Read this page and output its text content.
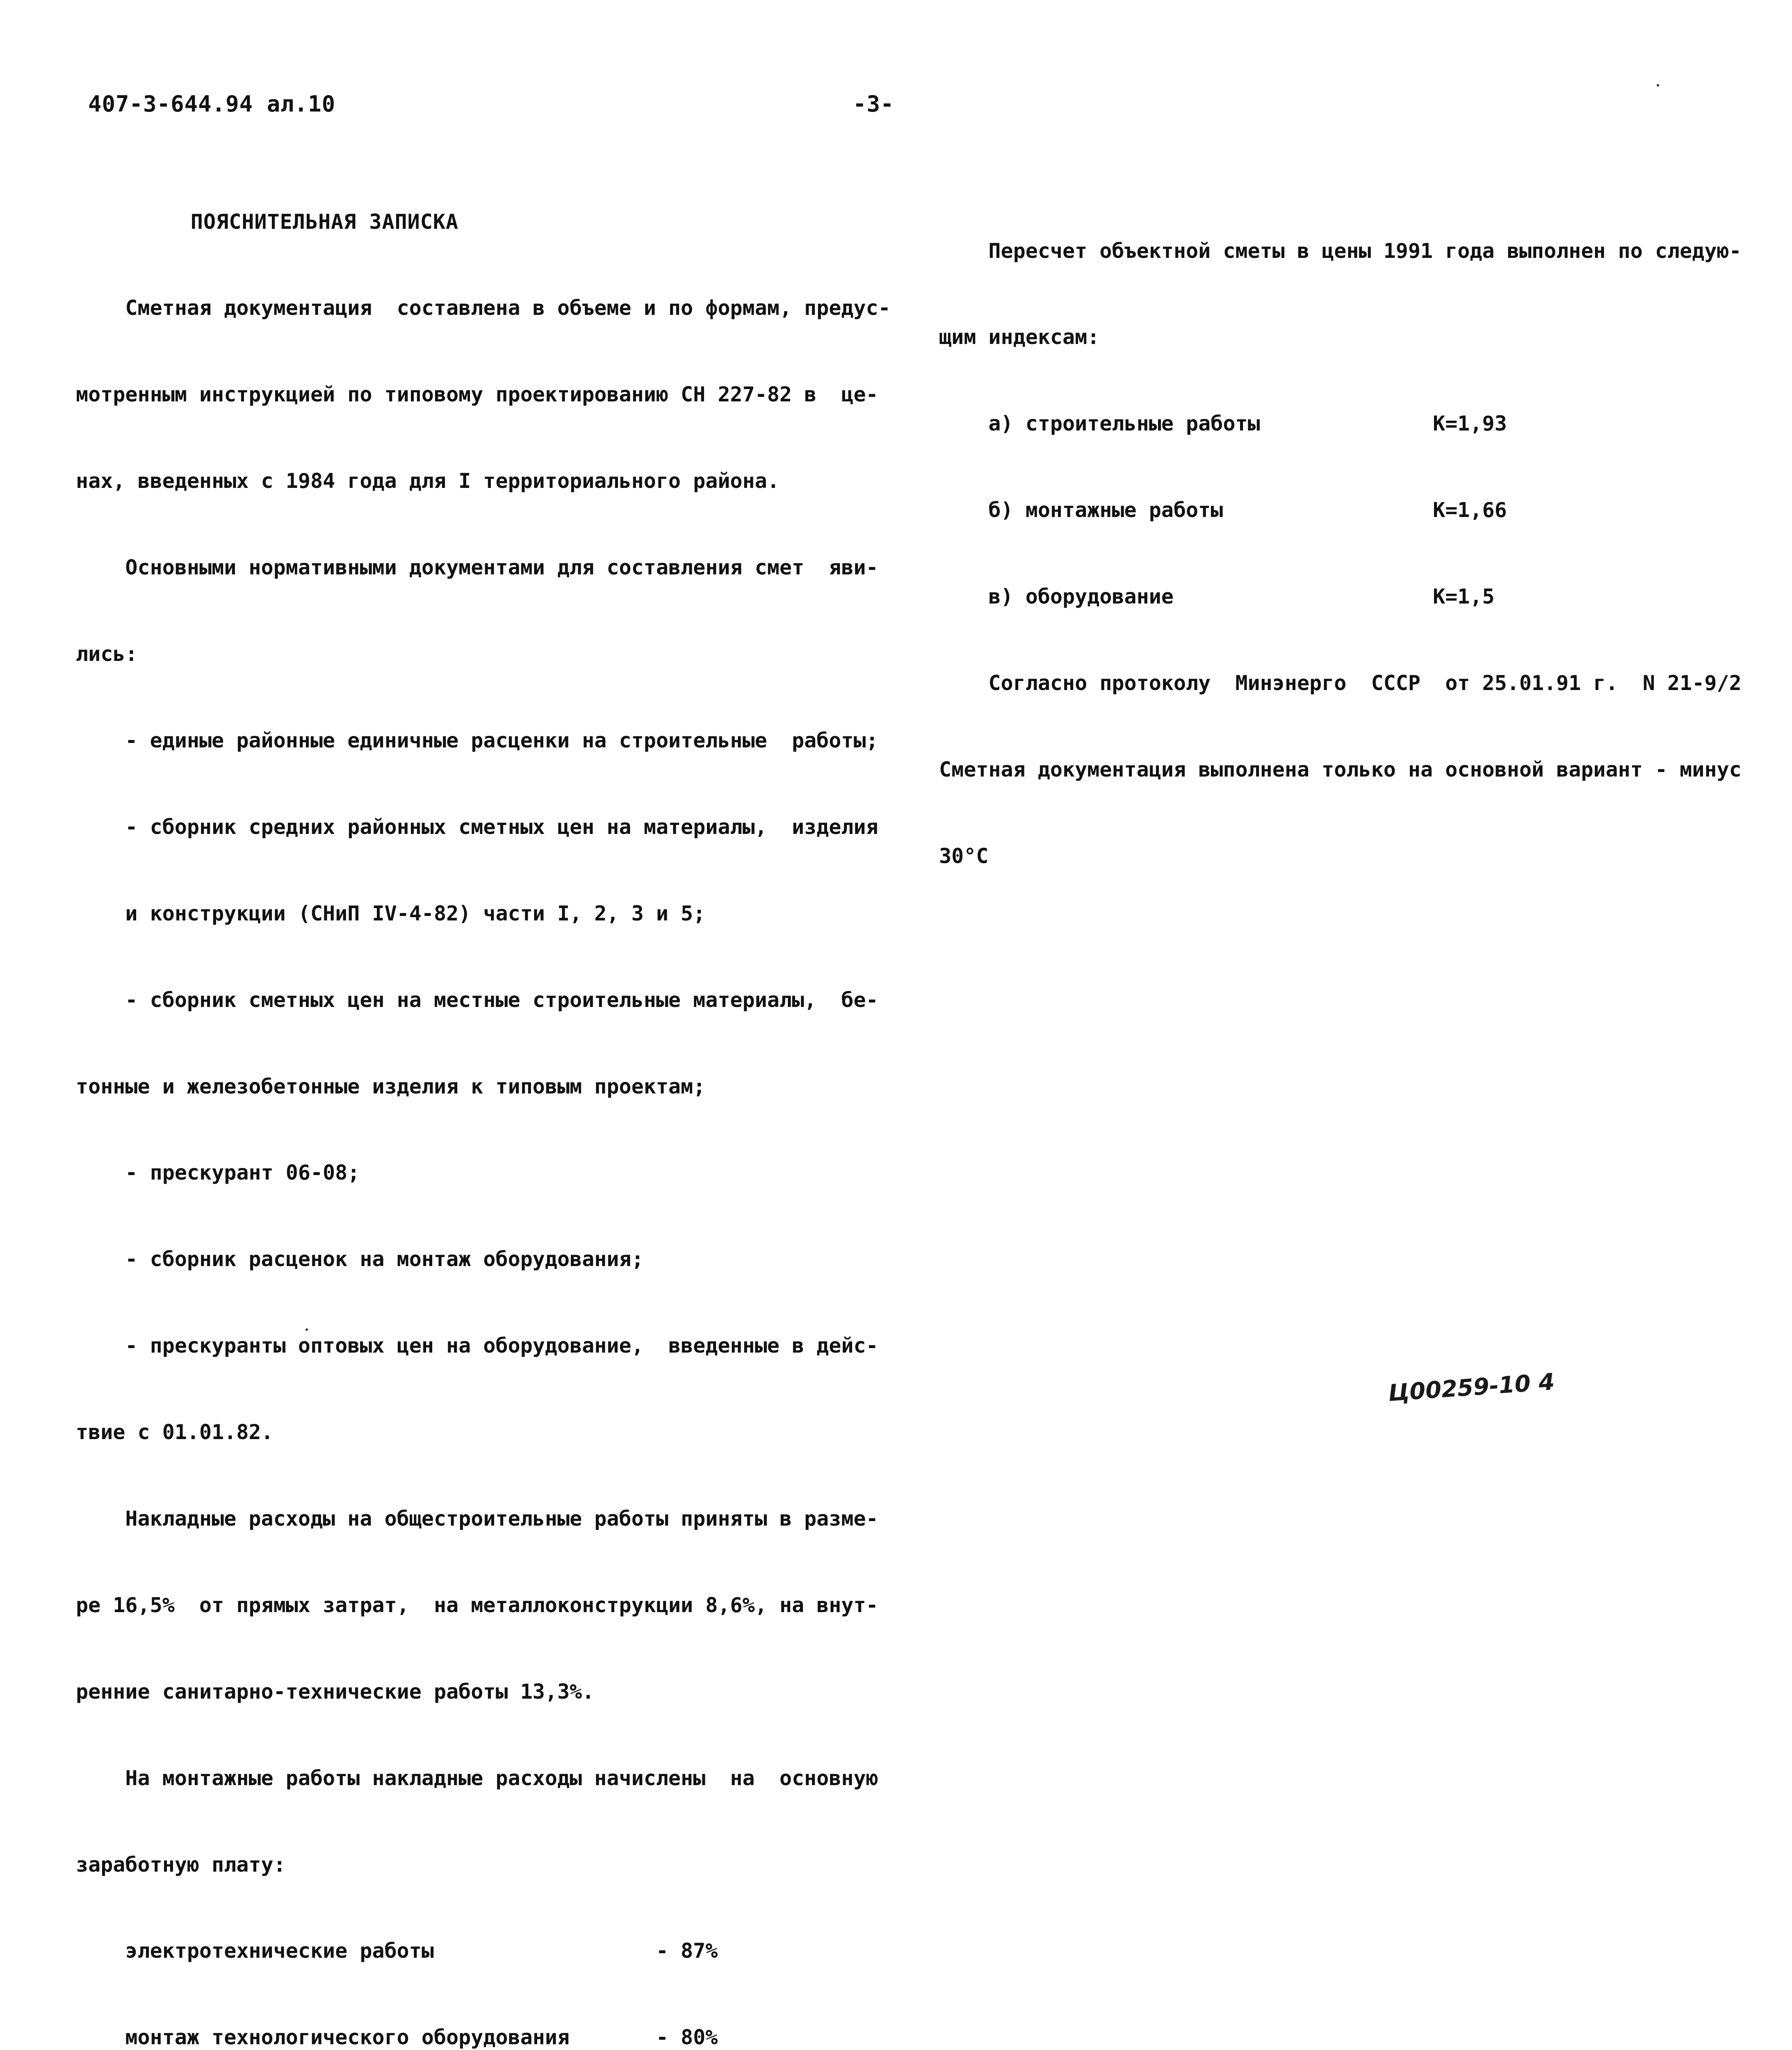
407-3-644.94 ал.10	-3-

ПОЯСНИТЕЛЬНАЯ ЗАПИСКА

Сметная документация  составлена в объеме и по формам, предус-

мотренным инструкцией по типовому проектированию СН 227-82 в  це-

нах, введенных с 1984 года для I территориального района.

Основными нормативными документами для составления смет  яви-

лись:

- единые районные единичные расценки на строительные  работы;

- сборник средних районных сметных цен на материалы,  изделия

и конструкции (СНиП IV-4-82) части I, 2, 3 и 5;

- сборник сметных цен на местные строительные материалы,  бе-

тонные и железобетонные изделия к типовым проектам;

- прескурант 06-08;

- сборник расценок на монтаж оборудования;

- прескуранты оптовых цен на оборудование,  введенные в дейс-

твие с 01.01.82.

Накладные расходы на общестроительные работы приняты в разме-

ре 16,5%  от прямых затрат,  на металлоконструкции 8,6%, на внут-

ренние санитарно-технические работы 13,3%.

На монтажные работы накладные расходы начислены  на  основную

заработную плату:

электротехнические работы                  - 87%

монтаж технологического оборудования       - 80%

Пересчет объектной сметы в цены 1991 года выполнен по следую-

щим индексам:

а) строительные работы              К=1,93

б) монтажные работы                 К=1,66

в) оборудование                     К=1,5

Согласно протоколу  Минэнерго  СССР  от 25.01.91 г.  N 21-9/2

Сметная документация выполнена только на основной вариант - минус

30°С

Ц00259-10 4
